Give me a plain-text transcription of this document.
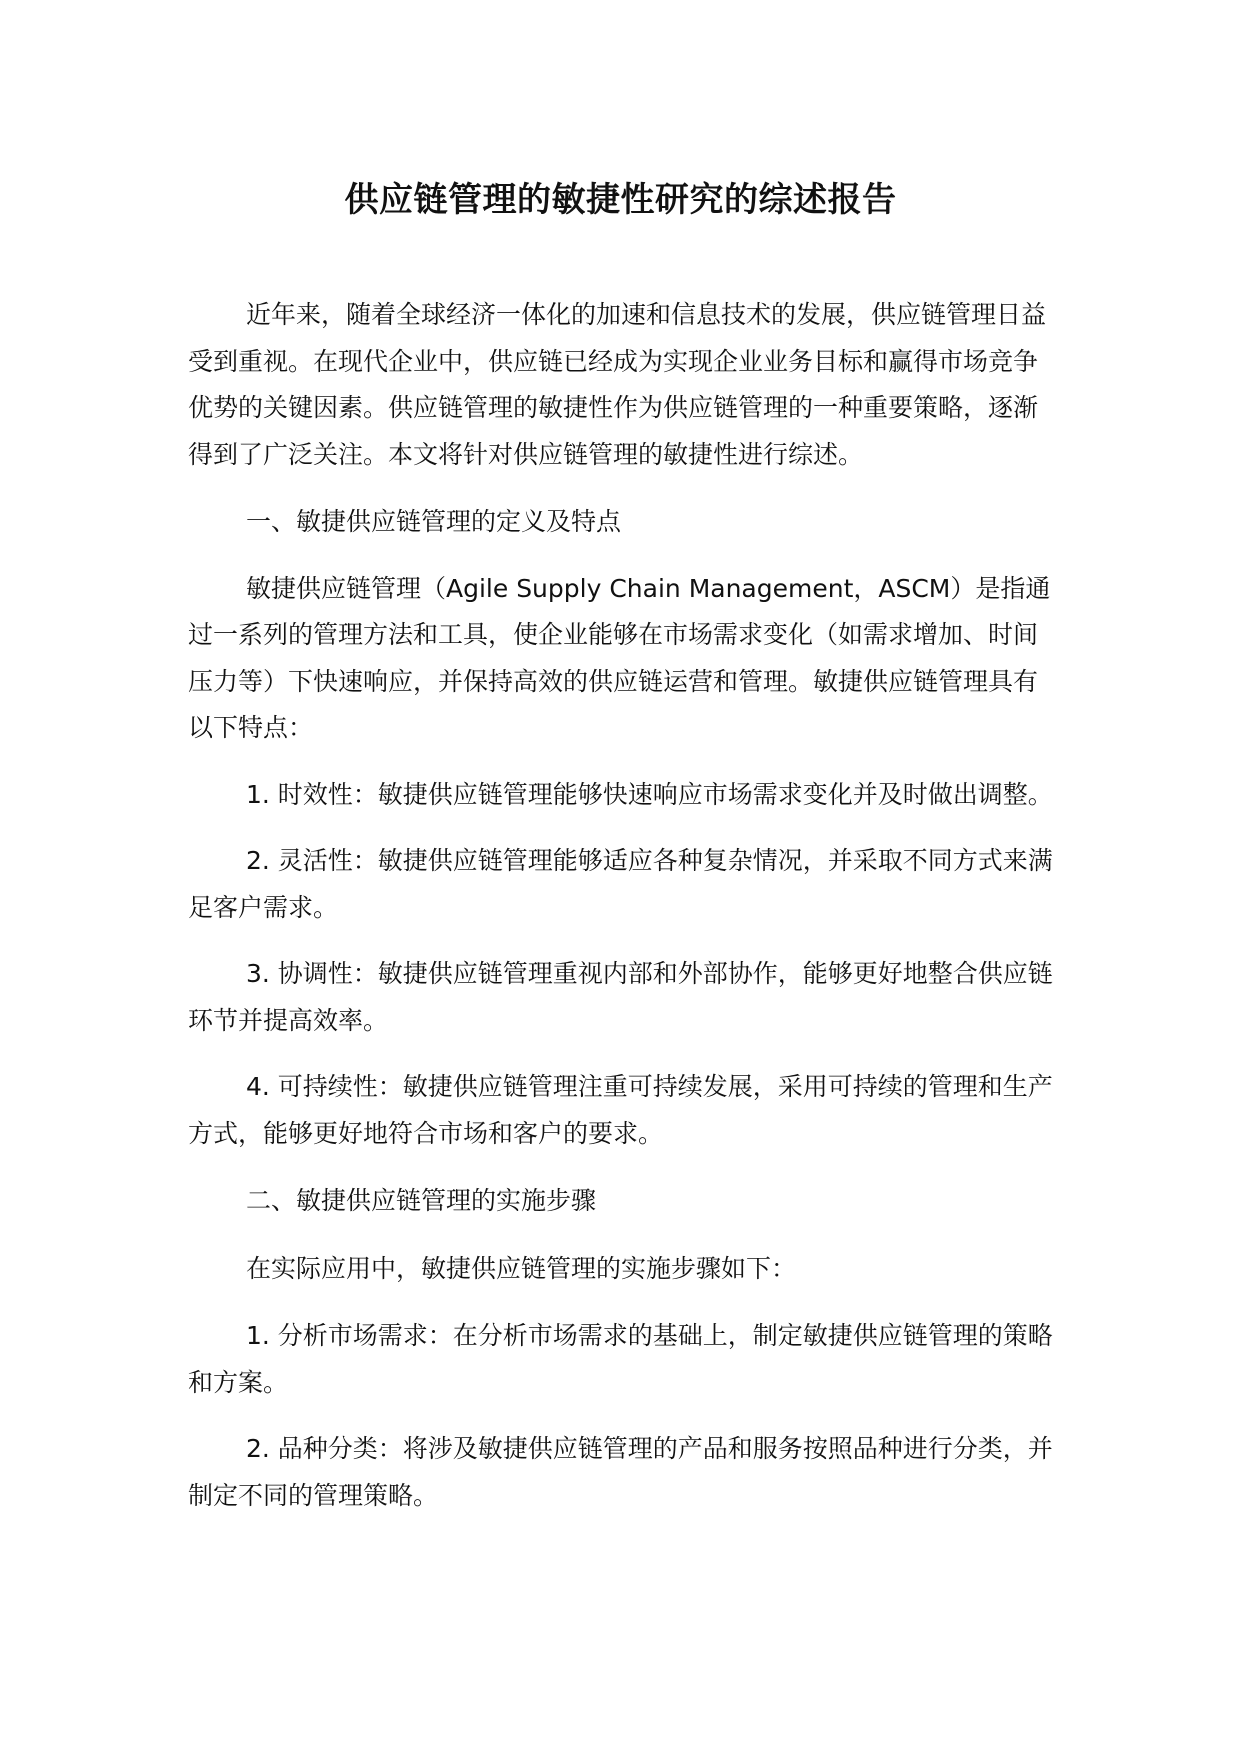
供应链管理的敏捷性研究的综述报告

近年来，随着全球经济一体化的加速和信息技术的发展，供应链管理日益受到重视。在现代企业中，供应链已经成为实现企业业务目标和赢得市场竞争优势的关键因素。供应链管理的敏捷性作为供应链管理的一种重要策略，逐渐得到了广泛关注。本文将针对供应链管理的敏捷性进行综述。

一、敏捷供应链管理的定义及特点

敏捷供应链管理（Agile Supply Chain Management，ASCM）是指通过一系列的管理方法和工具，使企业能够在市场需求变化（如需求增加、时间压力等）下快速响应，并保持高效的供应链运营和管理。敏捷供应链管理具有以下特点：

1. 时效性：敏捷供应链管理能够快速响应市场需求变化并及时做出调整。

2. 灵活性：敏捷供应链管理能够适应各种复杂情况，并采取不同方式来满足客户需求。

3. 协调性：敏捷供应链管理重视内部和外部协作，能够更好地整合供应链环节并提高效率。

4. 可持续性：敏捷供应链管理注重可持续发展，采用可持续的管理和生产方式，能够更好地符合市场和客户的要求。

二、敏捷供应链管理的实施步骤

在实际应用中，敏捷供应链管理的实施步骤如下：

1. 分析市场需求：在分析市场需求的基础上，制定敏捷供应链管理的策略和方案。

2. 品种分类：将涉及敏捷供应链管理的产品和服务按照品种进行分类，并制定不同的管理策略。
